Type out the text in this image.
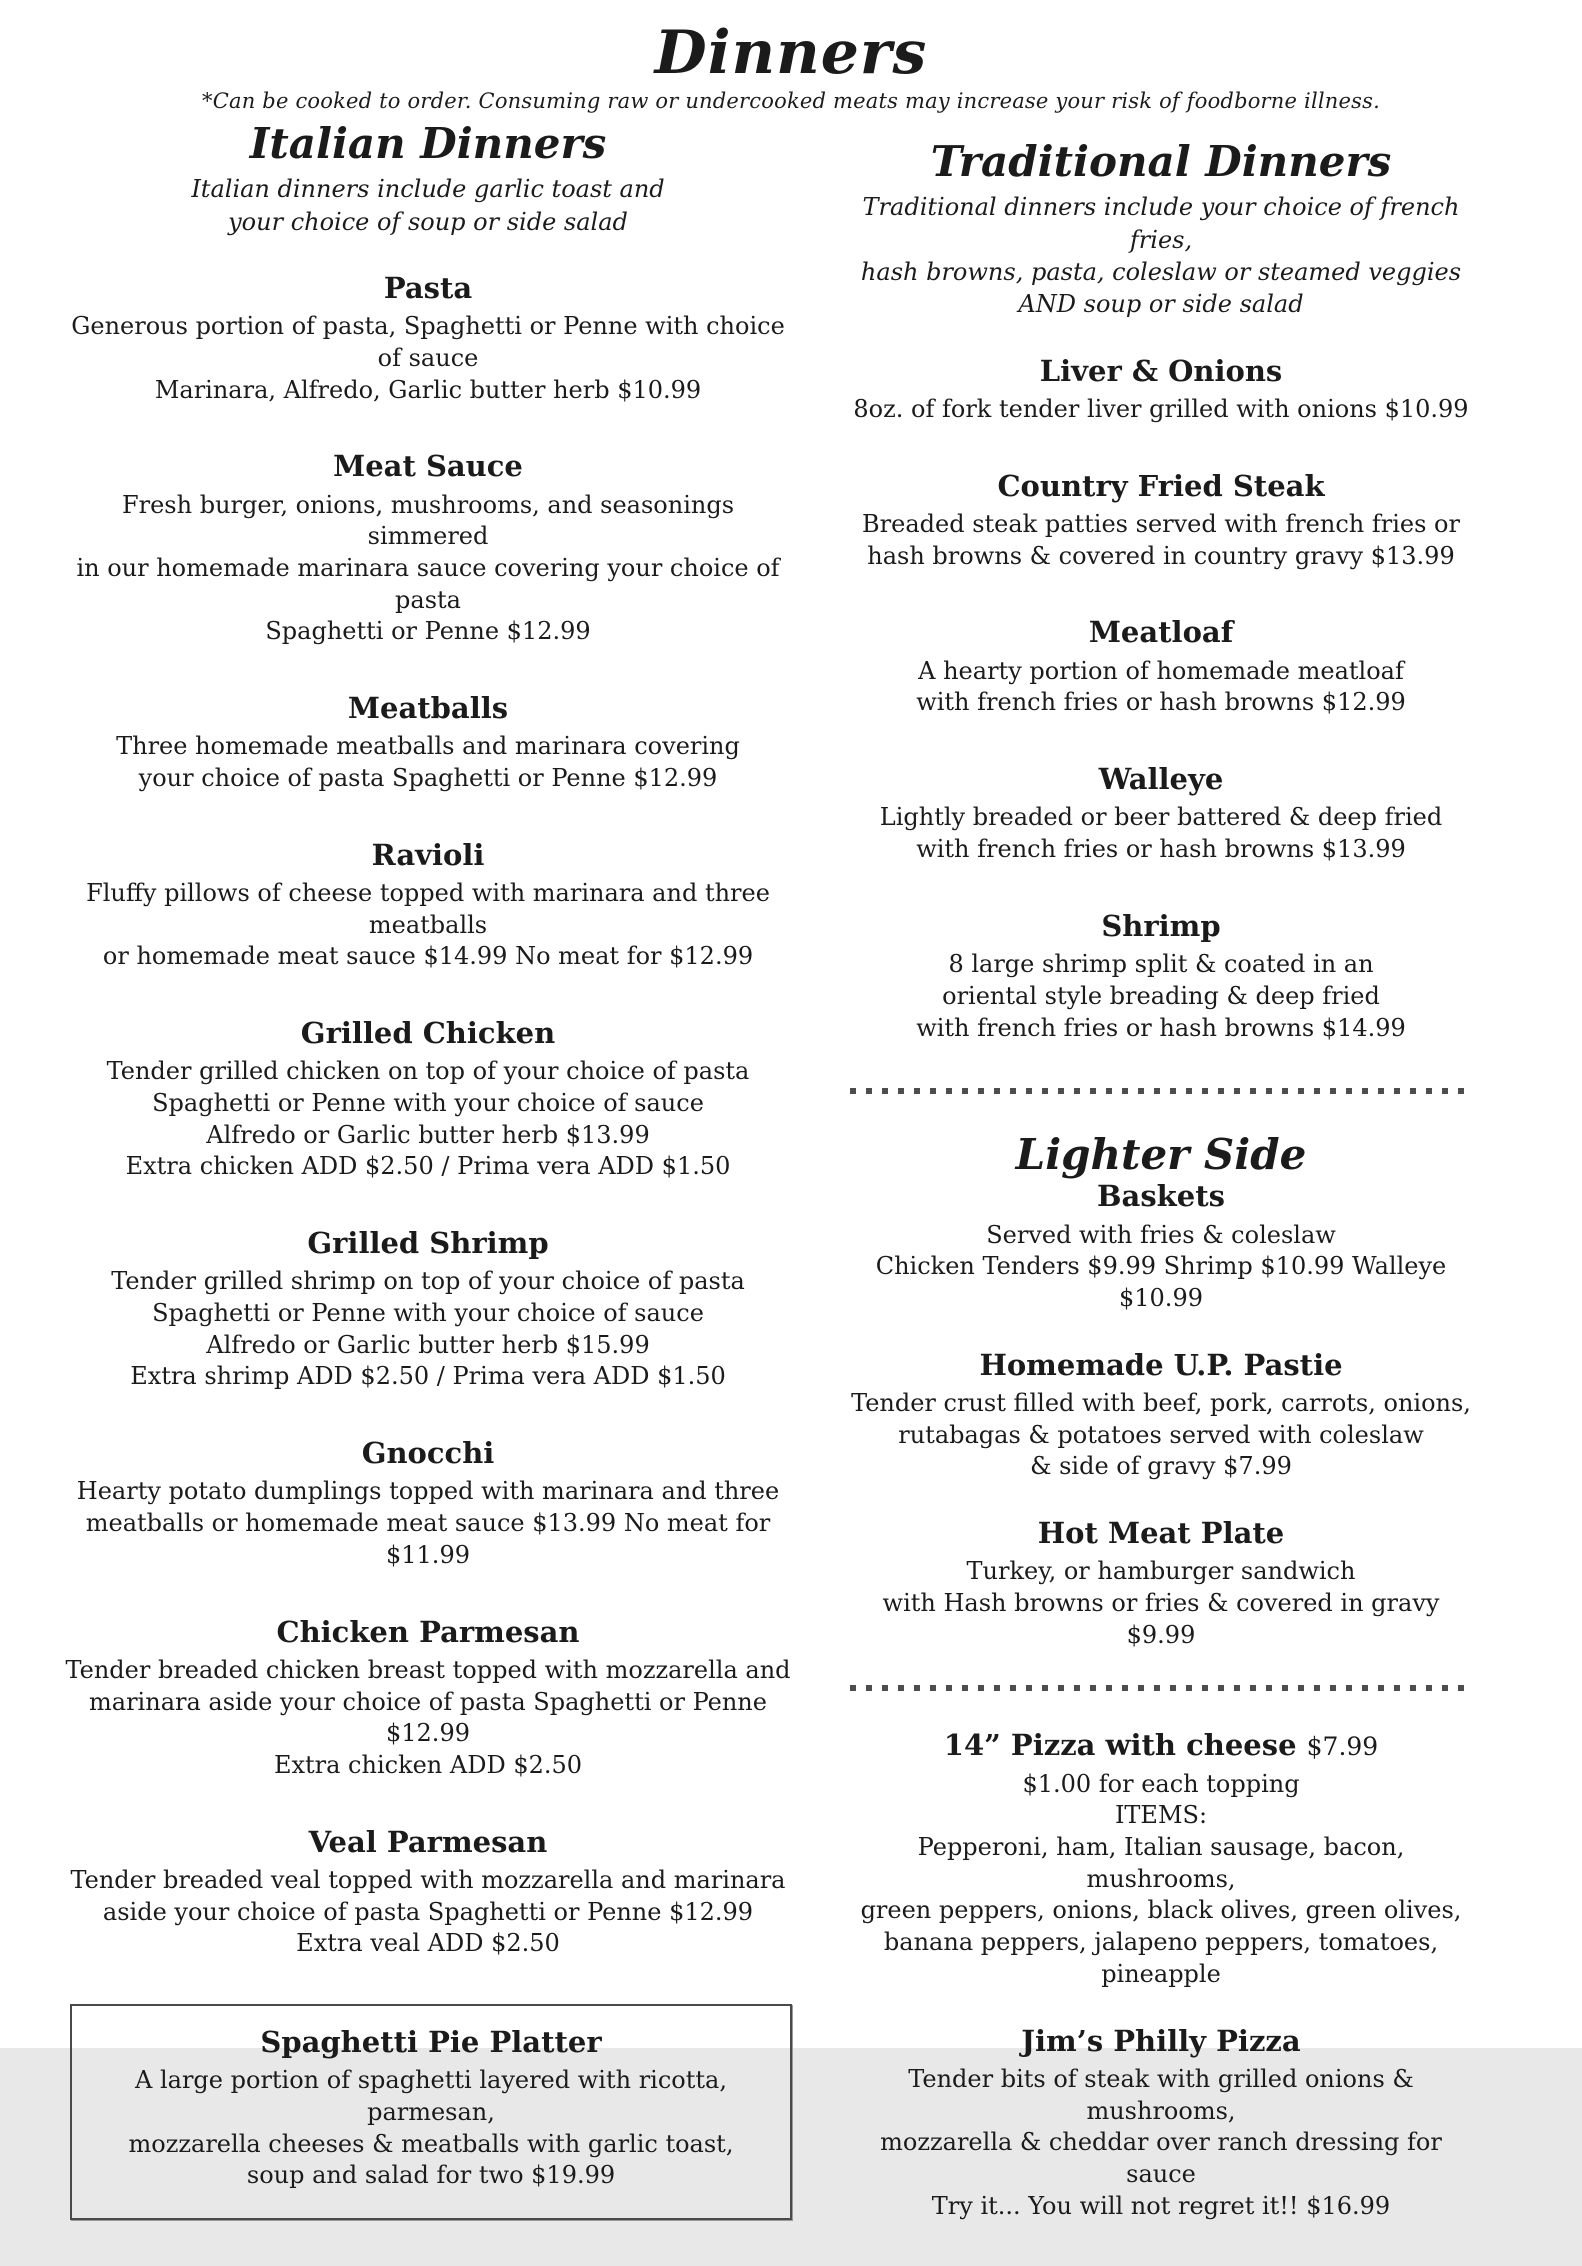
Dinners
*Can be cooked to order. Consuming raw or undercooked meats may increase your risk of foodborne illness.
Italian Dinners
Italian dinners include garlic toast and
your choice of soup or side salad
Pasta
Generous portion of pasta, Spaghetti or Penne with choice of sauce
Marinara, Alfredo, Garlic butter herb $10.99
Meat Sauce
Fresh burger, onions, mushrooms, and seasonings simmered
in our homemade marinara sauce covering your choice of pasta
Spaghetti or Penne $12.99
Meatballs
Three homemade meatballs and marinara covering
your choice of pasta Spaghetti or Penne $12.99
Ravioli
Fluffy pillows of cheese topped with marinara and three meatballs
or homemade meat sauce $14.99 No meat for $12.99
Grilled Chicken
Tender grilled chicken on top of your choice of pasta
Spaghetti or Penne with your choice of sauce
Alfredo or Garlic butter herb $13.99
Extra chicken ADD $2.50 / Prima vera ADD $1.50
Grilled Shrimp
Tender grilled shrimp on top of your choice of pasta
Spaghetti or Penne with your choice of sauce
Alfredo or Garlic butter herb $15.99
Extra shrimp ADD $2.50 / Prima vera ADD $1.50
Gnocchi
Hearty potato dumplings topped with marinara and three
meatballs or homemade meat sauce $13.99 No meat for $11.99
Chicken Parmesan
Tender breaded chicken breast topped with mozzarella and
marinara aside your choice of pasta Spaghetti or Penne $12.99
Extra chicken ADD $2.50
Veal Parmesan
Tender breaded veal topped with mozzarella and marinara
aside your choice of pasta Spaghetti or Penne $12.99
Extra veal ADD $2.50
Spaghetti Pie Platter
A large portion of spaghetti layered with ricotta, parmesan,
mozzarella cheeses & meatballs with garlic toast,
soup and salad for two $19.99
Traditional Dinners
Traditional dinners include your choice of french fries,
hash browns, pasta, coleslaw or steamed veggies
AND soup or side salad
Liver & Onions
8oz. of fork tender liver grilled with onions $10.99
Country Fried Steak
Breaded steak patties served with french fries or
hash browns & covered in country gravy $13.99
Meatloaf
A hearty portion of homemade meatloaf
with french fries or hash browns $12.99
Walleye
Lightly breaded or beer battered & deep fried
with french fries or hash browns $13.99
Shrimp
8 large shrimp split & coated in an
oriental style breading & deep fried
with french fries or hash browns $14.99
Lighter Side
Baskets
Served with fries & coleslaw
Chicken Tenders $9.99 Shrimp $10.99 Walleye $10.99
Homemade U.P. Pastie
Tender crust filled with beef, pork, carrots, onions,
rutabagas & potatoes served with coleslaw
& side of gravy $7.99
Hot Meat Plate
Turkey, or hamburger sandwich
with Hash browns or fries & covered in gravy $9.99
14” Pizza with cheese $7.99
$1.00 for each topping
ITEMS:
Pepperoni, ham, Italian sausage, bacon, mushrooms,
green peppers, onions, black olives, green olives,
banana peppers, jalapeno peppers, tomatoes, pineapple
Jim’s Philly Pizza
Tender bits of steak with grilled onions & mushrooms,
mozzarella & cheddar over ranch dressing for sauce
Try it... You will not regret it!! $16.99
